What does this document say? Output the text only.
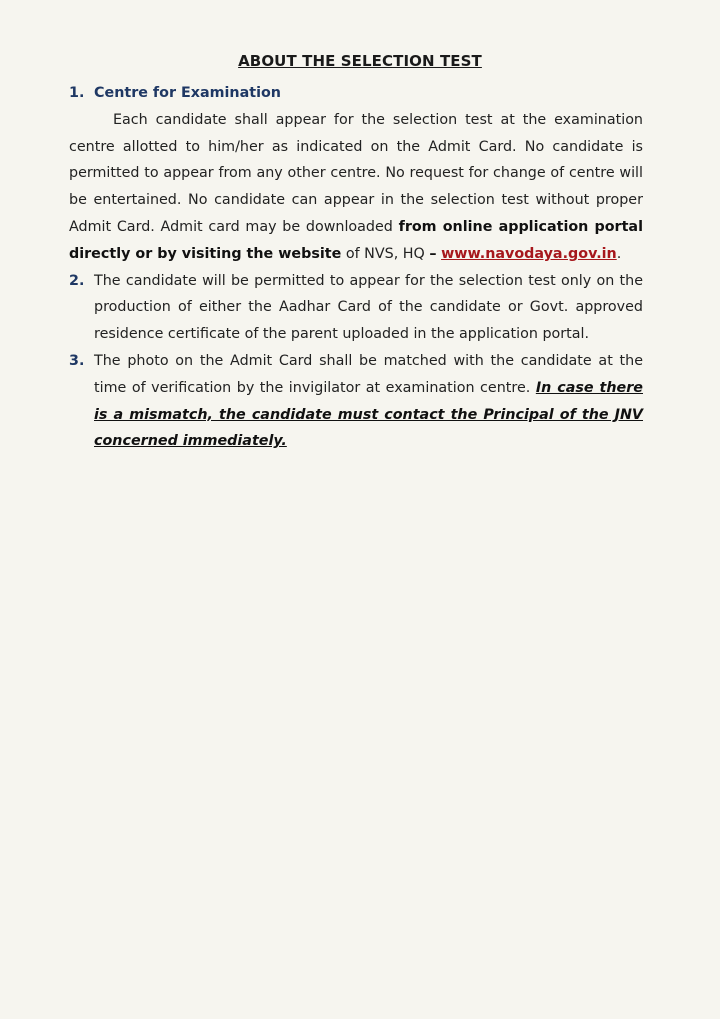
ABOUT THE SELECTION TEST
1. Centre for Examination

Each candidate shall appear for the selection test at the examination centre allotted to him/her as indicated on the Admit Card. No candidate is permitted to appear from any other centre. No request for change of centre will be entertained. No candidate can appear in the selection test without proper Admit Card. Admit card may be downloaded from online application portal directly or by visiting the website of NVS, HQ – www.navodaya.gov.in.

2. The candidate will be permitted to appear for the selection test only on the production of either the Aadhar Card of the candidate or Govt. approved residence certificate of the parent uploaded in the application portal.
3. The photo on the Admit Card shall be matched with the candidate at the time of verification by the invigilator at examination centre. In case there is a mismatch, the candidate must contact the Principal of the JNV concerned immediately.
